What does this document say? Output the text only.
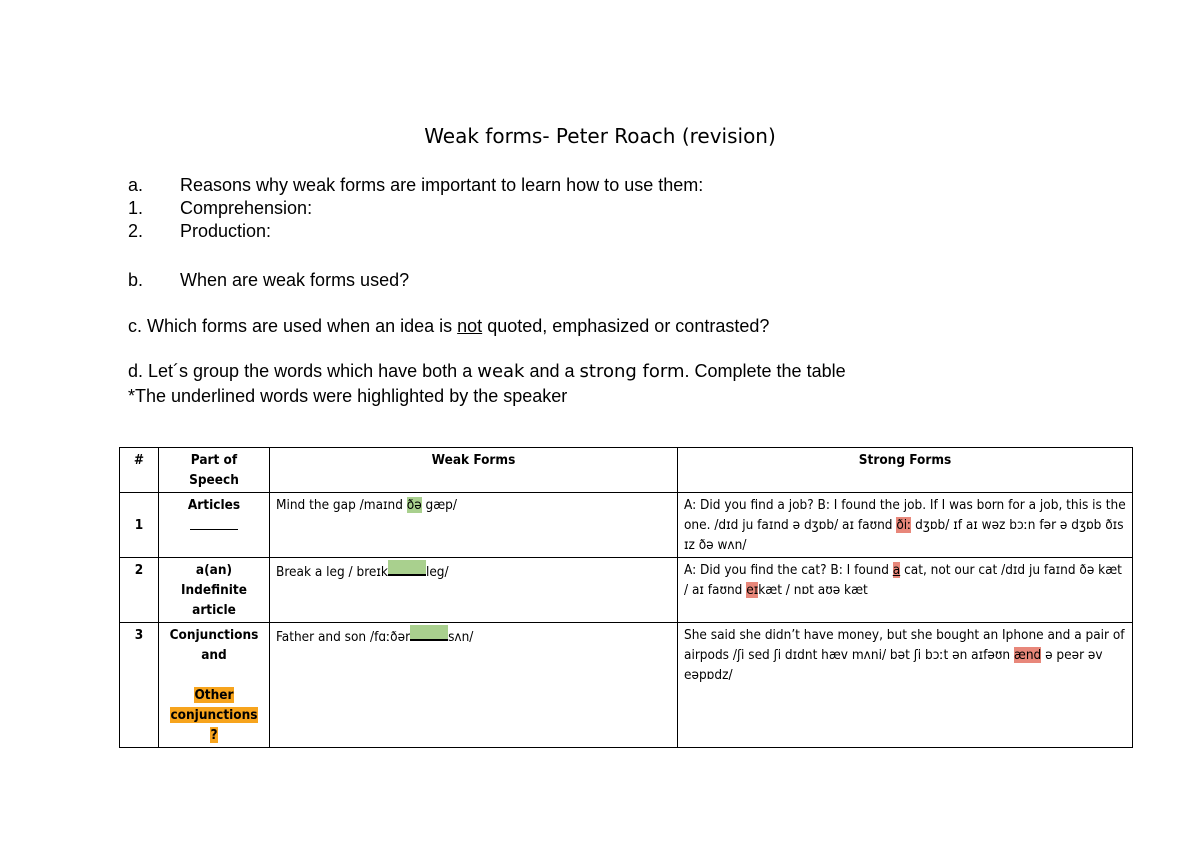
Weak forms- Peter Roach (revision)
a. Reasons why weak forms are important to learn how to use them:
1. Comprehension:
2. Production:
b. When are weak forms used?
c. Which forms are used when an idea is not quoted, emphasized or contrasted?
d. Let´s group the words which have both a weak and a strong form. Complete the table
*The underlined words were highlighted by the speaker
#	Part of Speech	Weak Forms	Strong Forms
1	Articles	Mind the gap /maɪnd ðə gæp/	A: Did you find a job? B: I found the job. If I was born for a job, this is the one. /dɪd ju faɪnd ə dʒɒb/ aɪ faʊnd ðiː dʒɒb/ ɪf aɪ wəz bɔːn fər ə dʒɒb ðɪs ɪz ðə wʌn/
2	a(an) Indefinite article	Break a leg / breɪk leg/	A: Did you find the cat? B: I found a cat, not our cat /dɪd ju faɪnd ðə kæt / aɪ faʊnd eɪkæt / nɒt aʊə kæt
3	Conjunctions and
Other conjunctions ?	Father and son /fɑːðər sʌn/	She said she didn’t have money, but she bought an Iphone and a pair of airpods /ʃi sed ʃi dɪdnt hæv mʌni/ bət ʃi bɔːt ən aɪfəʊn ænd ə peər əv eəpɒdz/
